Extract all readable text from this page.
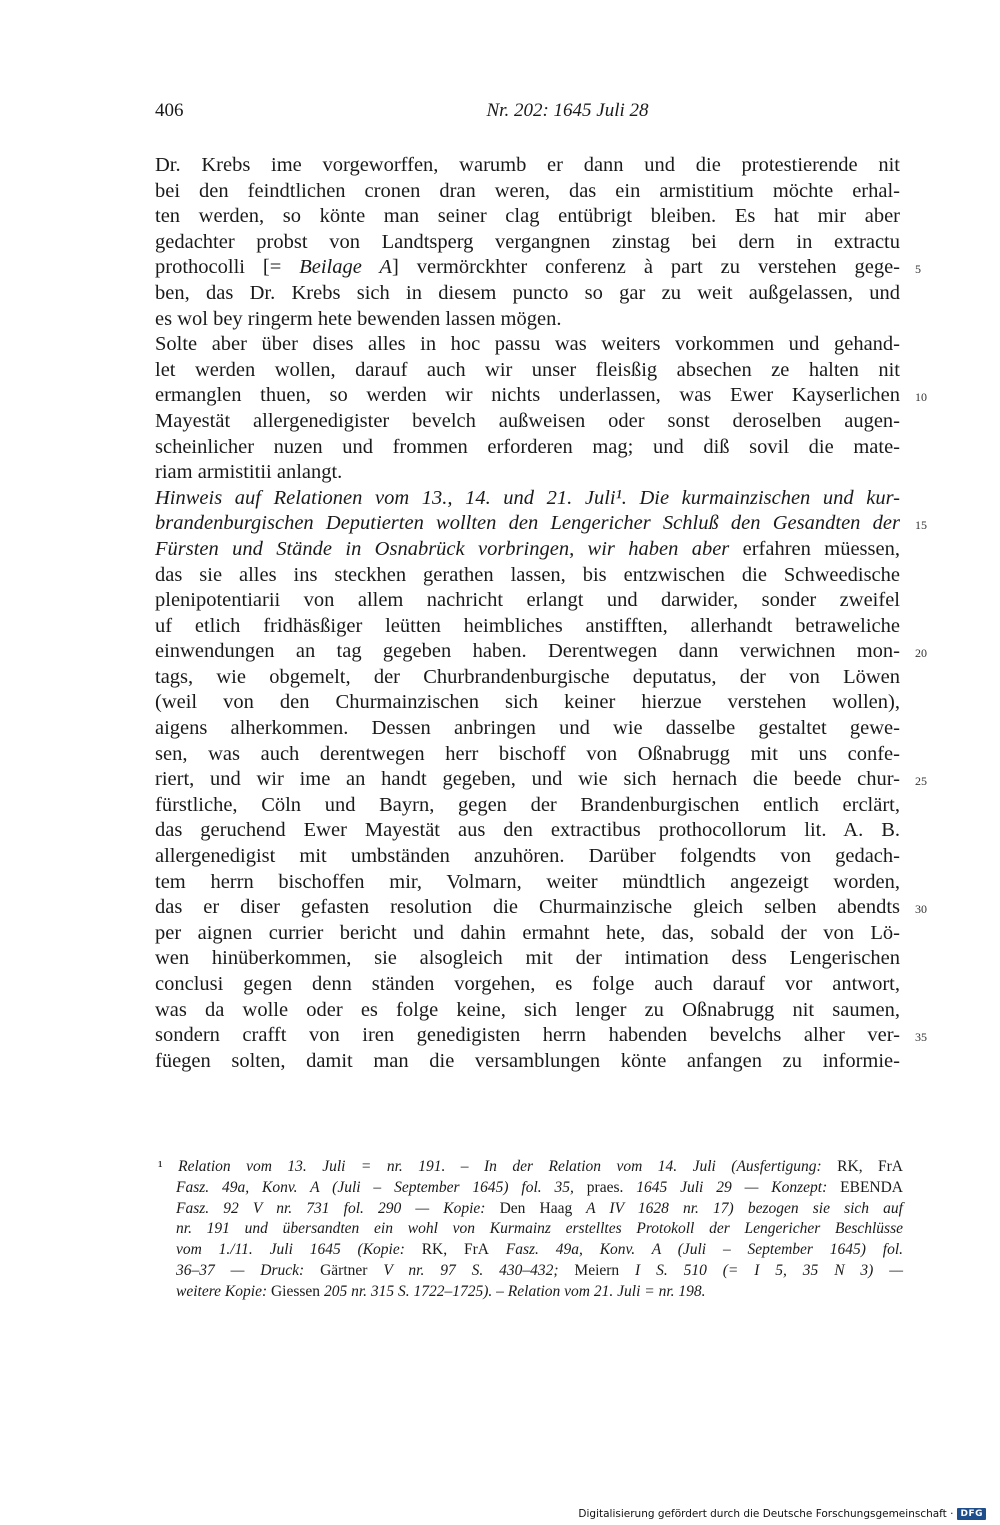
406	Nr. 202: 1645 Juli 28
Dr. Krebs ime vorgeworffen, warumb er dann und die protestierende nit
bei den feindtlichen cronen dran weren, das ein armistitium möchte erhal-
ten werden, so könte man seiner clag entübrigt bleiben. Es hat mir aber
gedachter probst von Landtsperg vergangnen zinstag bei dern in extractu
prothocolli [= Beilage A] vermörckhter conferenz à part zu verstehen gege- 5
ben, das Dr. Krebs sich in diesem puncto so gar zu weit außgelassen, und
es wol bey ringerm hete bewenden lassen mögen.
Solte aber über dises alles in hoc passu was weiters vorkommen und gehand-
let werden wollen, darauf auch wir unser fleisßig absechen ze halten nit
ermanglen thuen, so werden wir nichts underlassen, was Ewer Kayserlichen 10
Mayestät allergenedigister bevelch außweisen oder sonst deroselben augen-
scheinlicher nuzen und frommen erforderen mag; und diß sovil die mate-
riam armistitii anlangt.
Hinweis auf Relationen vom 13., 14. und 21. Juli¹. Die kurmainzischen und kur-
brandenburgischen Deputierten wollten den Lengericher Schluß den Gesandten der 15
Fürsten und Stände in Osnabrück vorbringen, wir haben aber erfahren müessen,
das sie alles ins steckhen gerathen lassen, bis entzwischen die Schweedische
plenipotentiarii von allem nachricht erlangt und darwider, sonder zweifel
uf etlich fridhäsßiger leütten heimbliches anstifften, allerhandt betraweliche
einwendungen an tag gegeben haben. Derentwegen dann verwichnen mon- 20
tags, wie obgemelt, der Churbrandenburgische deputatus, der von Löwen
(weil von den Churmainzischen sich keiner hierzue verstehen wollen),
aigens alherkommen. Dessen anbringen und wie dasselbe gestaltet gewe-
sen, was auch derentwegen herr bischoff von Oßnabrugg mit uns confe-
riert, und wir ime an handt gegeben, und wie sich hernach die beede chur- 25
fürstliche, Cöln und Bayrn, gegen der Brandenburgischen entlich erclärt,
das geruchend Ewer Mayestät aus den extractibus prothocollorum lit. A. B.
allergenedigist mit umbständen anzuhören. Darüber folgendts von gedach-
tem herrn bischoffen mir, Volmarn, weiter mündtlich angezeigt worden,
das er diser gefasten resolution die Churmainzische gleich selben abendts 30
per aignen currier bericht und dahin ermahnt hete, das, sobald der von Lö-
wen hinüberkommen, sie alsogleich mit der intimation dess Lengerischen
conclusi gegen denn ständen vorgehen, es folge auch darauf vor antwort,
was da wolle oder es folge keine, sich lenger zu Oßnabrugg nit saumen,
sondern crafft von iren genedigisten herrn habenden bevelchs alher ver- 35
füegen solten, damit man die versamblungen könte anfangen zu informie-
¹ Relation vom 13. Juli = nr. 191. – In der Relation vom 14. Juli (Ausfertigung: RK, FrA
Fasz. 49a, Konv. A (Juli – September 1645) fol. 35, praes. 1645 Juli 29 — Konzept: EBENDA
Fasz. 92 V nr. 731 fol. 290 — Kopie: Den Haag A IV 1628 nr. 17) bezogen sie sich auf
nr. 191 und übersandten ein wohl von Kurmainz erstelltes Protokoll der Lengericher Beschlüsse
vom 1./11. Juli 1645 (Kopie: RK, FrA Fasz. 49a, Konv. A (Juli – September 1645) fol.
36–37 — Druck: Gärtner V nr. 97 S. 430–432; Meiern I S. 510 (= I 5, 35 N 3) —
weitere Kopie: Giessen 205 nr. 315 S. 1722–1725). – Relation vom 21. Juli = nr. 198.
Digitalisierung gefördert durch die Deutsche Forschungsgemeinschaft · DFG
